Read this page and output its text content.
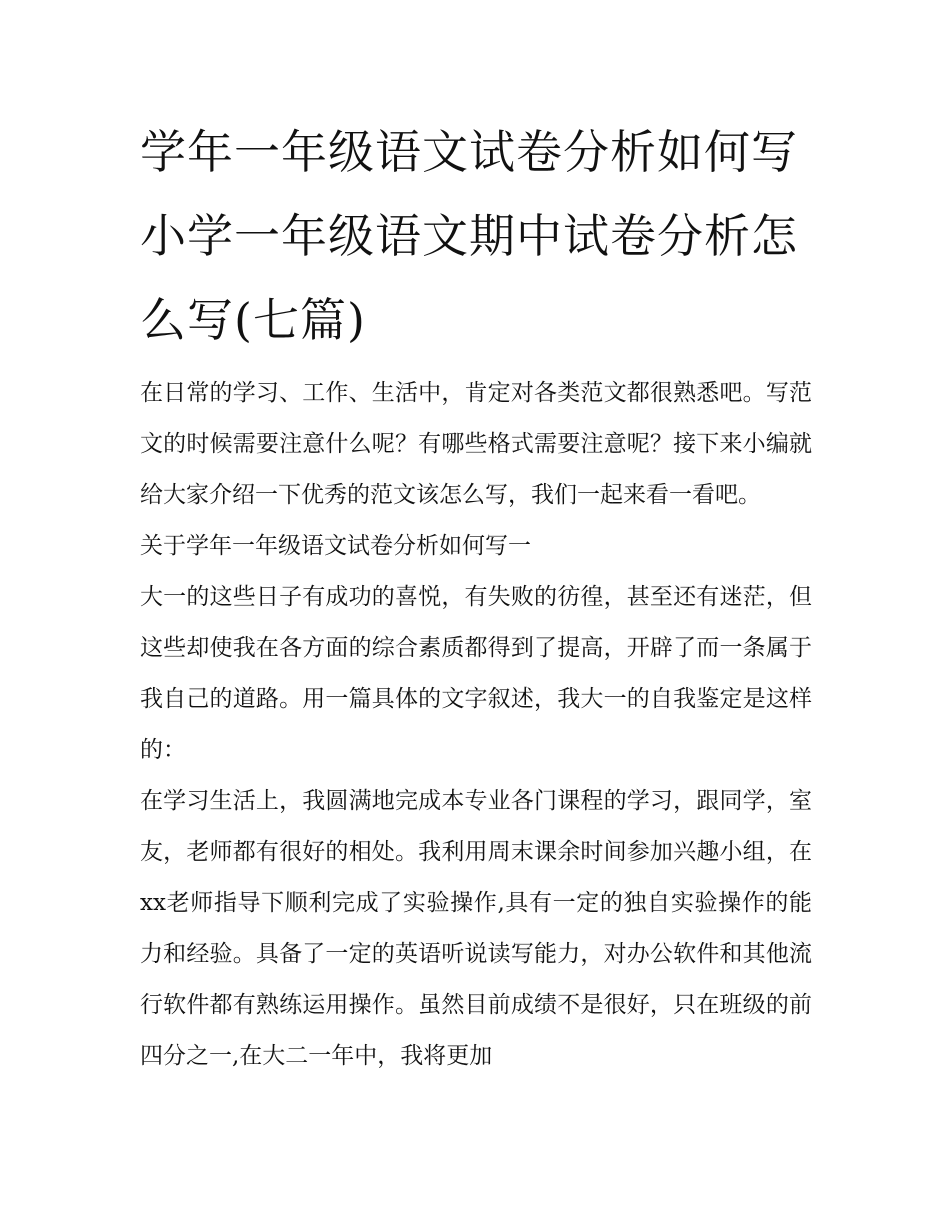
学年一年级语文试卷分析如何写 小学一年级语文期中试卷分析怎么写(七篇)

在日常的学习、工作、生活中，肯定对各类范文都很熟悉吧。写范文的时候需要注意什么呢？有哪些格式需要注意呢？接下来小编就给大家介绍一下优秀的范文该怎么写，我们一起来看一看吧。

关于学年一年级语文试卷分析如何写一

大一的这些日子有成功的喜悦，有失败的彷徨，甚至还有迷茫，但这些却使我在各方面的综合素质都得到了提高，开辟了而一条属于我自己的道路。用一篇具体的文字叙述，我大一的自我鉴定是这样的：

在学习生活上，我圆满地完成本专业各门课程的学习，跟同学，室友，老师都有很好的相处。我利用周末课余时间参加兴趣小组，在xx老师指导下顺利完成了实验操作,具有一定的独自实验操作的能力和经验。具备了一定的英语听说读写能力，对办公软件和其他流行软件都有熟练运用操作。虽然目前成绩不是很好，只在班级的前四分之一,在大二一年中，我将更加
